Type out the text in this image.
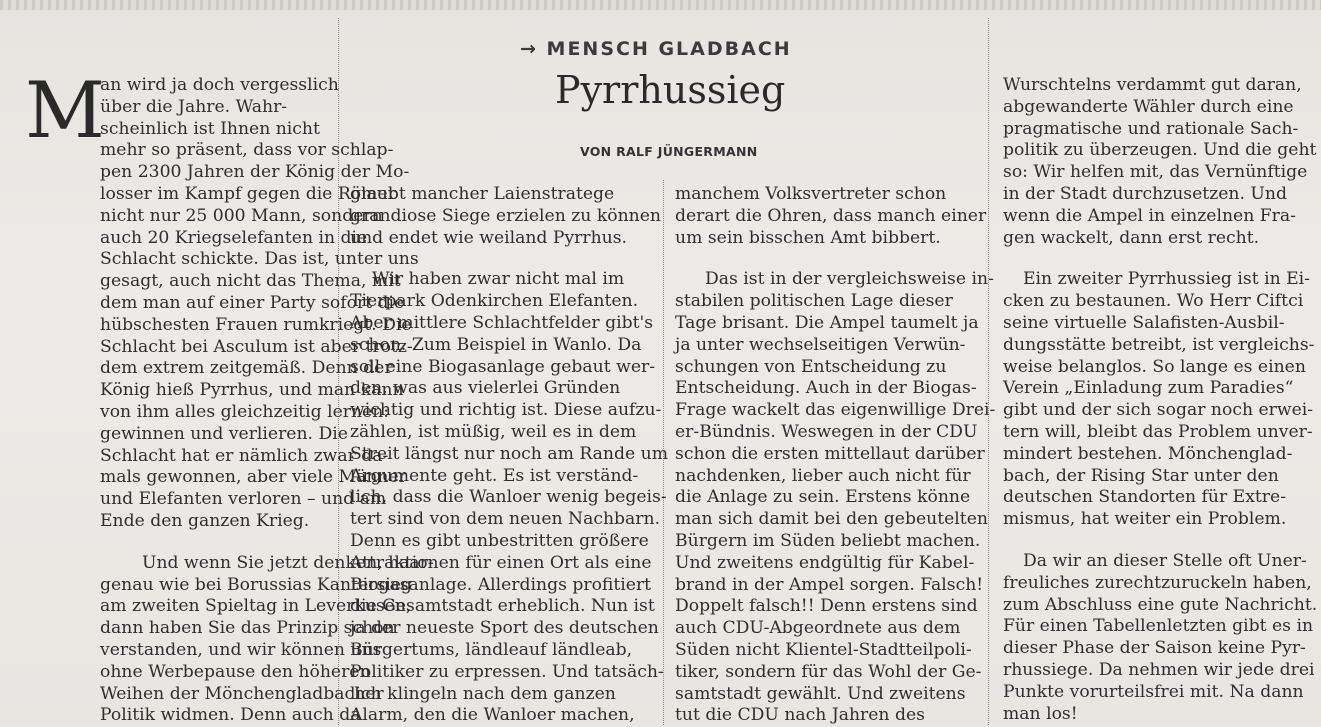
→ MENSCH GLADBACH
Pyrrhussieg
VON RALF JÜNGERMANN
M
an wird ja doch vergesslich
über die Jahre. Wahr-
scheinlich ist Ihnen nicht
mehr so präsent, dass vor schlap-
pen 2300 Jahren der König der Mo-
losser im Kampf gegen die Römer
nicht nur 25 000 Mann, sondern
auch 20 Kriegselefanten in die
Schlacht schickte. Das ist, unter uns
gesagt, auch nicht das Thema, mit
dem man auf einer Party sofort die
hübschesten Frauen rumkriegt. Die
Schlacht bei Asculum ist aber trotz-
dem extrem zeitgemäß. Denn der
König hieß Pyrrhus, und man kann
von ihm alles gleichzeitig lernen:
gewinnen und verlieren. Die
Schlacht hat er nämlich zwar da-
mals gewonnen, aber viele Männer
und Elefanten verloren – und am
Ende den ganzen Krieg.
Und wenn Sie jetzt denken, haar-
genau wie bei Borussias Kantersieg
am zweiten Spieltag in Leverkusen,
dann haben Sie das Prinzip schon
verstanden, und wir können uns
ohne Werbepause den höheren
Weihen der Mönchengladbacher
Politik widmen. Denn auch da
glaubt mancher Laienstratege
grandiose Siege erzielen zu können
und endet wie weiland Pyrrhus.
Wir haben zwar nicht mal im
Tierpark Odenkirchen Elefanten.
Aber mittlere Schlachtfelder gibt's
schon. Zum Beispiel in Wanlo. Da
soll eine Biogasanlage gebaut wer-
den, was aus vielerlei Gründen
wichtig und richtig ist. Diese aufzu-
zählen, ist müßig, weil es in dem
Streit längst nur noch am Rande um
Argumente geht. Es ist verständ-
lich, dass die Wanloer wenig begeis-
tert sind von dem neuen Nachbarn.
Denn es gibt unbestritten größere
Attraktionen für einen Ort als eine
Biogasanlage. Allerdings profitiert
die Gesamtstadt erheblich. Nun ist
ja der neueste Sport des deutschen
Bürgertums, ländleauf ländleab,
Politiker zu erpressen. Und tatsäch-
lich klingeln nach dem ganzen
Alarm, den die Wanloer machen,
manchem Volksvertreter schon
derart die Ohren, dass manch einer
um sein bisschen Amt bibbert.
Das ist in der vergleichsweise in-
stabilen politischen Lage dieser
Tage brisant. Die Ampel taumelt ja
ja unter wechselseitigen Verwün-
schungen von Entscheidung zu
Entscheidung. Auch in der Biogas-
Frage wackelt das eigenwillige Drei-
er-Bündnis. Weswegen in der CDU
schon die ersten mittellaut darüber
nachdenken, lieber auch nicht für
die Anlage zu sein. Erstens könne
man sich damit bei den gebeutelten
Bürgern im Süden beliebt machen.
Und zweitens endgültig für Kabel-
brand in der Ampel sorgen. Falsch!
Doppelt falsch!! Denn erstens sind
auch CDU-Abgeordnete aus dem
Süden nicht Klientel-Stadtteilpoli-
tiker, sondern für das Wohl der Ge-
samtstadt gewählt. Und zweitens
tut die CDU nach Jahren des
Wurschtelns verdammt gut daran,
abgewanderte Wähler durch eine
pragmatische und rationale Sach-
politik zu überzeugen. Und die geht
so: Wir helfen mit, das Vernünftige
in der Stadt durchzusetzen. Und
wenn die Ampel in einzelnen Fra-
gen wackelt, dann erst recht.
Ein zweiter Pyrrhussieg ist in Ei-
cken zu bestaunen. Wo Herr Ciftci
seine virtuelle Salafisten-Ausbil-
dungsstätte betreibt, ist vergleichs-
weise belanglos. So lange es einen
Verein „Einladung zum Paradies“
gibt und der sich sogar noch erwei-
tern will, bleibt das Problem unver-
mindert bestehen. Mönchenglad-
bach, der Rising Star unter den
deutschen Standorten für Extre-
mismus, hat weiter ein Problem.
Da wir an dieser Stelle oft Uner-
freuliches zurechtzuruckeln haben,
zum Abschluss eine gute Nachricht.
Für einen Tabellenletzten gibt es in
dieser Phase der Saison keine Pyr-
rhussiege. Da nehmen wir jede drei
Punkte vorurteilsfrei mit. Na dann
man los!
